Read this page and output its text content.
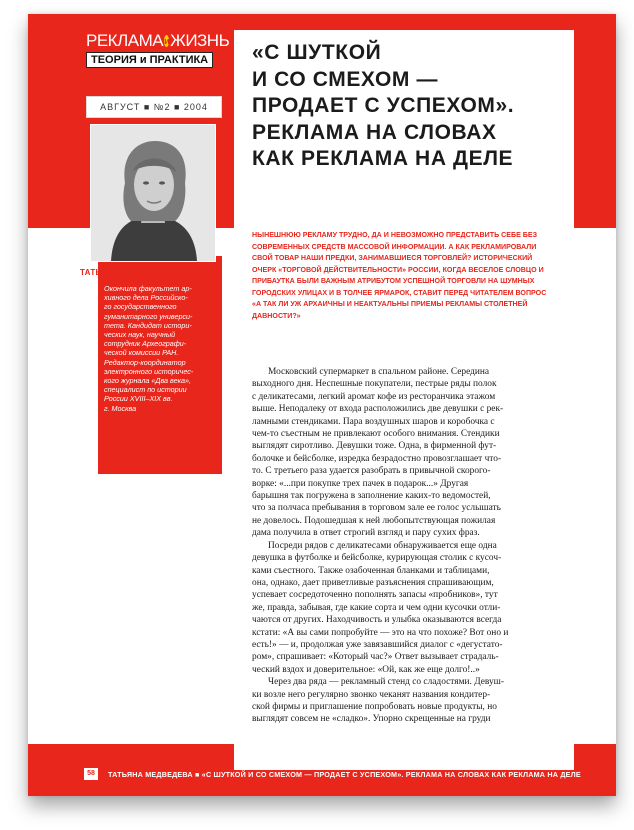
РЕКЛАМА и ЖИЗНЬ
ТЕОРИЯ и ПРАКТИКА
АВГУСТ ■ №2 ■ 2004
ТАТЬЯНА МЕДВЕДЕВА
Окончила факультет ар-
хивного дела Российско-
го государственного
гуманитарного универси-
тета. Кандидат истори-
ческих наук, научный
сотрудник Археографи-
ческой комиссии РАН.
Редактор-координатор
электронного историчес-
кого журнала «Два века»,
специалист по истории
России XVIII–XIX вв.
г. Москва
«С ШУТКОЙ
И СО СМЕХОМ —
ПРОДАЕТ С УСПЕХОМ».
РЕКЛАМА НА СЛОВАХ
КАК РЕКЛАМА НА ДЕЛЕ
НЫНЕШНЮЮ РЕКЛАМУ ТРУДНО, ДА И НЕВОЗМОЖНО ПРЕДСТАВИТЬ СЕБЕ БЕЗ
СОВРЕМЕННЫХ СРЕДСТВ МАССОВОЙ ИНФОРМАЦИИ. А КАК РЕКЛАМИРОВАЛИ
СВОЙ ТОВАР НАШИ ПРЕДКИ, ЗАНИМАВШИЕСЯ ТОРГОВЛЕЙ? ИСТОРИЧЕСКИЙ
ОЧЕРК «ТОРГОВОЙ ДЕЙСТВИТЕЛЬНОСТИ» РОССИИ, КОГДА ВЕСЕЛОЕ СЛОВЦО И
ПРИБАУТКА БЫЛИ ВАЖНЫМ АТРИБУТОМ УСПЕШНОЙ ТОРГОВЛИ НА ШУМНЫХ
ГОРОДСКИХ УЛИЦАХ И В ТОЛЧЕЕ ЯРМАРОК, СТАВИТ ПЕРЕД ЧИТАТЕЛЕМ ВОПРОС
«А ТАК ЛИ УЖ АРХАИЧНЫ И НЕАКТУАЛЬНЫ ПРИЕМЫ РЕКЛАМЫ СТОЛЕТНЕЙ
ДАВНОСТИ?»
Московский супермаркет в спальном районе. Середина
выходного дня. Неспешные покупатели, пестрые ряды полок
с деликатесами, легкий аромат кофе из ресторанчика этажом
выше. Неподалеку от входа расположились две девушки с рек-
ламными стендиками. Пара воздушных шаров и коробочка с
чем-то съестным не привлекают особого внимания. Стендики
выглядят сиротливо. Девушки тоже. Одна, в фирменной фут-
болочке и бейсболке, изредка безрадостно провозглашает что-
то. С третьего раза удается разобрать в привычной скорого-
ворке: «...при покупке трех пачек в подарок...» Другая
барышня так погружена в заполнение каких-то ведомостей,
что за полчаса пребывания в торговом зале ее голос услышать
не довелось. Подошедшая к ней любопытствующая пожилая
дама получила в ответ строгий взгляд и пару сухих фраз.
Посреди рядов с деликатесами обнаруживается еще одна
девушка в футболке и бейсболке, курирующая столик с кусоч-
ками съестного. Также озабоченная бланками и таблицами,
она, однако, дает приветливые разъяснения спрашивающим,
успевает сосредоточенно пополнять запасы «пробников», тут
же, правда, забывая, где какие сорта и чем одни кусочки отли-
чаются от других. Находчивость и улыбка оказываются всегда
кстати: «А вы сами попробуйте — это на что похоже? Вот оно и
есть!» — и, продолжая уже завязавшийся диалог с «дегустато-
ром», спрашивает: «Который час?» Ответ вызывает страдаль-
ческий вздох и доверительное: «Ой, как же еще долго!..»
Через два ряда — рекламный стенд со сладостями. Девуш-
ки возле него регулярно звонко чеканят названия кондитер-
ской фирмы и приглашение попробовать новые продукты, но
выглядят совсем не «сладко». Упорно скрещенные на груди
58	ТАТЬЯНА МЕДВЕДЕВА ■ «С ШУТКОЙ И СО СМЕХОМ — ПРОДАЕТ С УСПЕХОМ». РЕКЛАМА НА СЛОВАХ КАК РЕКЛАМА НА ДЕЛЕ
